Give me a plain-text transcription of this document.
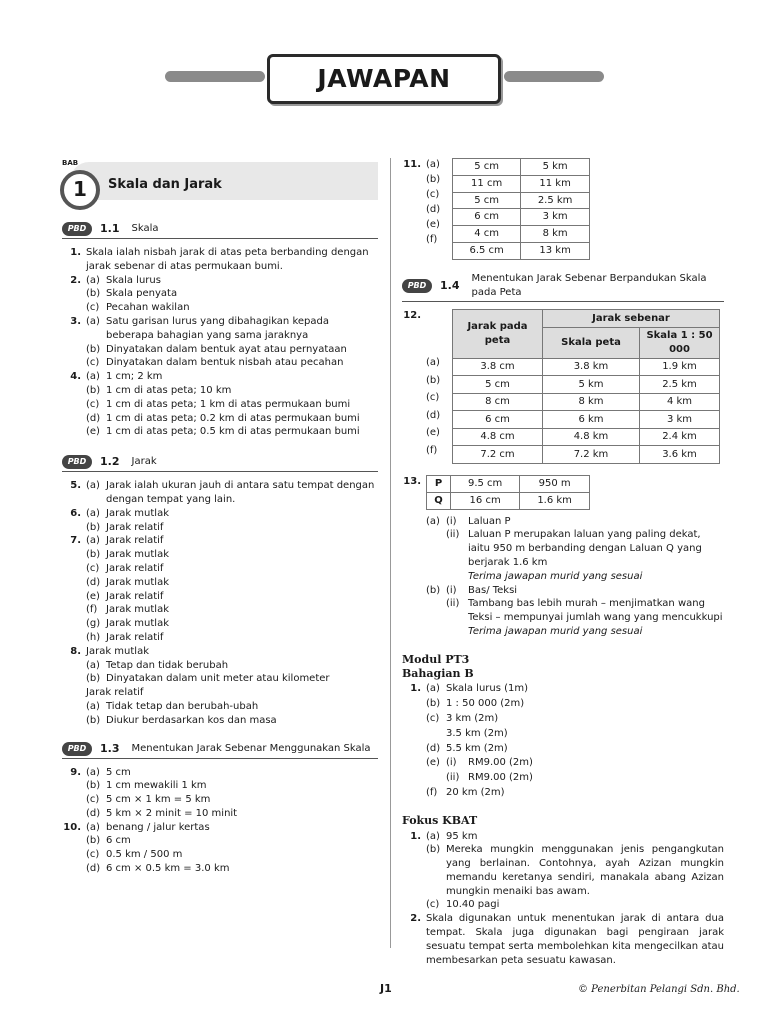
JAWAPAN
BAB
1 Skala dan Jarak
PBD	1.1 Skala
1. Skala ialah nisbah jarak di atas peta berbanding dengan jarak sebenar di atas permukaan bumi.
2. (a) Skala lurus
(b) Skala penyata
(c) Pecahan wakilan
3. (a) Satu garisan lurus yang dibahagikan kepada beberapa bahagian yang sama jaraknya
(b) Dinyatakan dalam bentuk ayat atau pernyataan
(c) Dinyatakan dalam bentuk nisbah atau pecahan
4. (a) 1 cm; 2 km
(b) 1 cm di atas peta; 10 km
(c) 1 cm di atas peta; 1 km di atas permukaan bumi
(d) 1 cm di atas peta; 0.2 km di atas permukaan bumi
(e) 1 cm di atas peta; 0.5 km di atas permukaan bumi
PBD	1.2 Jarak
5. (a) Jarak ialah ukuran jauh di antara satu tempat dengan dengan tempat yang lain.
6. (a) Jarak mutlak
(b) Jarak relatif
7. (a) Jarak relatif
(b) Jarak mutlak
(c) Jarak relatif
(d) Jarak mutlak
(e) Jarak relatif
(f) Jarak mutlak
(g) Jarak mutlak
(h) Jarak relatif
8. Jarak mutlak
(a) Tetap dan tidak berubah
(b) Dinyatakan dalam unit meter atau kilometer
Jarak relatif
(a) Tidak tetap dan berubah-ubah
(b) Diukur berdasarkan kos dan masa
PBD	1.3 Menentukan Jarak Sebenar Menggunakan Skala
9. (a) 5 cm
(b) 1 cm mewakili 1 km
(c) 5 cm × 1 km = 5 km
(d) 5 km × 2 minit = 10 minit
10. (a) benang / jalur kertas
(b) 6 cm
(c) 0.5 km / 500 m
(d) 6 cm × 0.5 km = 3.0 km
11. (a)
(b)
(c)
(d)
(e)
(f)
5 cm	5 km
11 cm	11 km
5 cm	2.5 km
6 cm	3 km
4 cm	8 km
6.5 cm	13 km
PBD	1.4
Menentukan Jarak Sebenar Berpandukan Skala pada Peta
12.
(a)
(b)
(c)
(d)
(e)
(f)
Jarak pada peta	Jarak sebenar	
	Skala peta	Skala 1 : 50 000
3.8 cm	3.8 km	1.9 km
5 cm	5 km	2.5 km
8 cm	8 km	4 km
6 cm	6 km	3 km
4.8 cm	4.8 km	2.4 km
7.2 cm	7.2 km	3.6 km
13.	P	9.5 cm	950 m
Q	16 cm	1.6 km
(a) (i)	Laluan P
(ii) Laluan P merupakan laluan yang paling dekat, iaitu 950 m berbanding dengan Laluan Q yang berjarak 1.6 km
Terima jawapan murid yang sesuai
(b) (i)	Bas/ Teksi
(ii) Tambang bas lebih murah – menjimatkan wang Teksi – mempunyai jumlah wang yang mencukkupi
Terima jawapan murid yang sesuai
Modul PT3
Bahagian B
1. (a) Skala lurus (1m)
(b) 1 : 50 000 (2m)
(c) 3 km (2m)
3.5 km (2m)
(d) 5.5 km (2m)
(e) (i)	RM9.00 (2m)
(ii) RM9.00 (2m)
(f) 20 km (2m)
Fokus KBAT
1. (a) 95 km
(b) Mereka mungkin menggunakan jenis pengangkutan yang berlainan. Contohnya, ayah Azizan mungkin memandu keretanya sendiri, manakala abang Azizan mungkin menaiki bas awam.
(c) 10.40 pagi
2. Skala digunakan untuk menentukan jarak di antara dua tempat. Skala juga digunakan bagi pengiraan jarak sesuatu tempat serta membolehkan kita mengecilkan atau membesarkan peta sesuatu kawasan.
J1	© Penerbitan Pelangi Sdn. Bhd.
